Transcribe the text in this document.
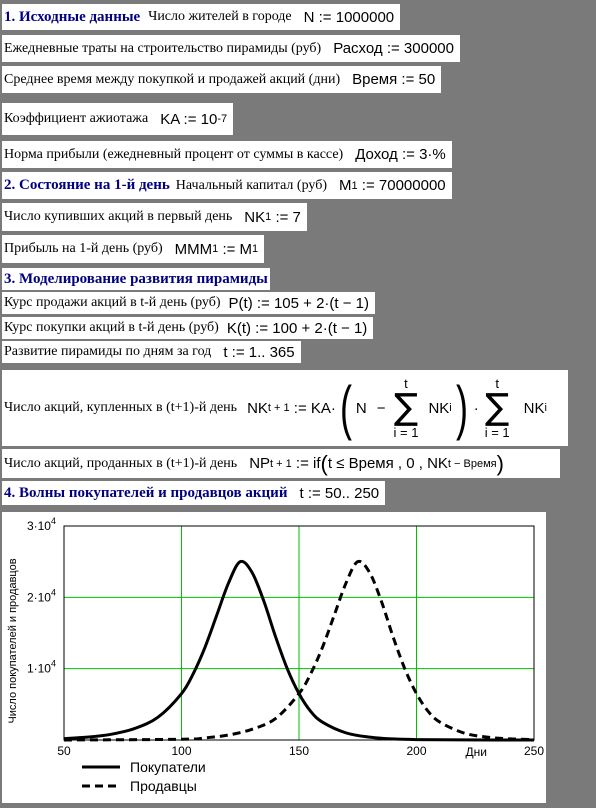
1. Исходные данные Число жителей в городе N := 1000000
Ежедневные траты на строительство пирамиды (руб) Расход := 300000
Среднее время между покупкой и продажей акций (дни) Время := 50
Коэффициент ажиотажа KA := 10 -7
Норма прибыли (ежедневный процент от суммы в кассе) Доход := 3·%
2. Состояние на 1-й день Начальный капитал (руб) M 1
:= 70000000
Число купивших акций в первый день NK 1
:= 7
Прибыль на 1-й день (руб) MMM 1
:= M 1
3. Моделирование развития пирамиды
Курс продажи акций в t-й день (руб) P(t) := 105 + 2·(t − 1)
Курс покупки акций в t-й день (руб) K(t) := 100 + 2·(t − 1)
Развитие пирамиды по дням за год t := 1.. 365
Число акций, купленных в (t+1)-й день NK t + 1
:= KA· ( N −
t
∑
i = 1
NK i ) ·
t
∑
i = 1
NK i
Число акций, проданных в (t+1)-й день NP t + 1
:= if ( t ≤ Время , 0 , NK t − Время )
4. Волны покупателей и продавцов акций t := 50.. 250
50	100	150	200	250
Дни
$1\cdot 10^4$
$2\cdot 10^4$
$3\cdot 10^4$
Число покупателей и продавцов
Покупатели
Продавцы
